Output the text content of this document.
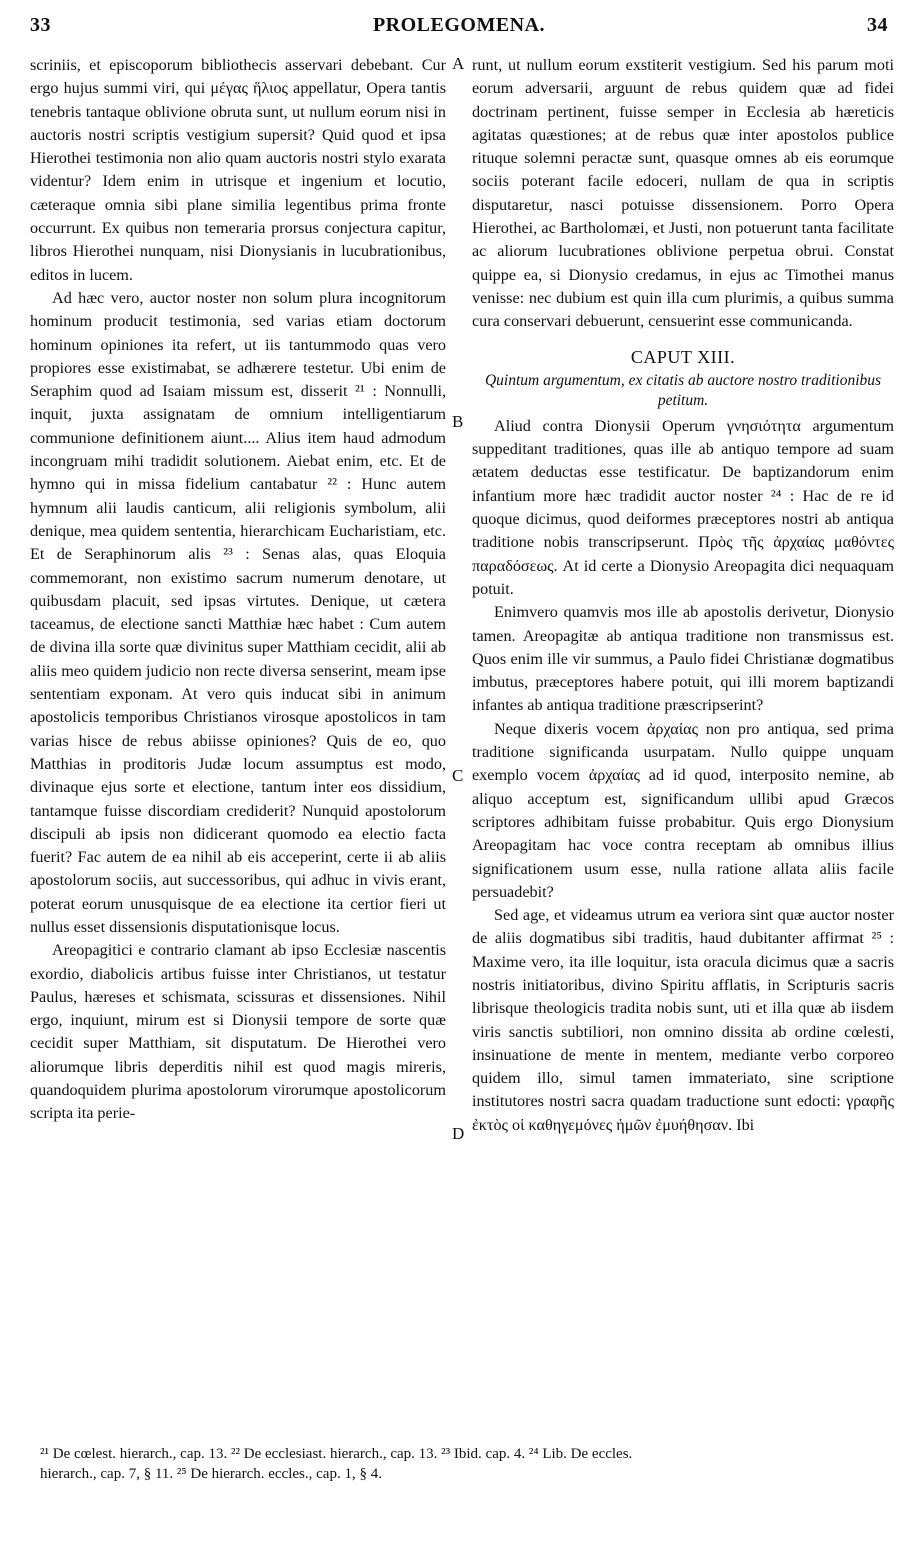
33	PROLEGOMENA.	34
A
B
C
D

scriniis, et episcoporum bibliothecis asservari debebant. Cur ergo hujus summi viri, qui μέγας ἥλιος appellatur, Opera tantis tenebris tantaque oblivione obruta sunt, ut nullum eorum nisi in auctoris nostri scriptis vestigium supersit? Quid quod et ipsa Hierothei testimonia non alio quam auctoris nostri stylo exarata videntur? Idem enim in utrisque et ingenium et locutio, cæteraque omnia sibi plane similia legentibus prima fronte occurrunt. Ex quibus non temeraria prorsus conjectura capitur, libros Hierothei nunquam, nisi Dionysianis in lucubrationibus, editos in lucem.

Ad hæc vero, auctor noster non solum plura incognitorum hominum producit testimonia, sed varias etiam doctorum hominum opiniones ita refert, ut iis tantummodo quas vero propiores esse existimabat, se adhærere testetur. Ubi enim de Seraphim quod ad Isaiam missum est, disserit ²¹ : Nonnulli, inquit, juxta assignatam de omnium intelligentiarum communione definitionem aiunt.... Alius item haud admodum incongruam mihi tradidit solutionem. Aiebat enim, etc. Et de hymno qui in missa fidelium cantabatur ²² : Hunc autem hymnum alii laudis canticum, alii religionis symbolum, alii denique, mea quidem sententia, hierarchicam Eucharistiam, etc. Et de Seraphinorum alis ²³ : Senas alas, quas Eloquia commemorant, non existimo sacrum numerum denotare, ut quibusdam placuit, sed ipsas virtutes. Denique, ut cætera taceamus, de electione sancti Matthiæ hæc habet : Cum autem de divina illa sorte quæ divinitus super Matthiam cecidit, alii ab aliis meo quidem judicio non recte diversa senserint, meam ipse sententiam exponam. At vero quis inducat sibi in animum apostolicis temporibus Christianos virosque apostolicos in tam varias hisce de rebus abiisse opiniones? Quis de eo, quo Matthias in proditoris Judæ locum assumptus est modo, divinaque ejus sorte et electione, tantum inter eos dissidium, tantamque fuisse discordiam crediderit? Nunquid apostolorum discipuli ab ipsis non didicerant quomodo ea electio facta fuerit? Fac autem de ea nihil ab eis acceperint, certe ii ab aliis apostolorum sociis, aut successoribus, qui adhuc in vivis erant, poterat eorum unusquisque de ea electione ita certior fieri ut nullus esset dissensionis disputationisque locus.

Areopagitici e contrario clamant ab ipso Ecclesiæ nascentis exordio, diabolicis artibus fuisse inter Christianos, ut testatur Paulus, hæreses et schismata, scissuras et dissensiones. Nihil ergo, inquiunt, mirum est si Dionysii tempore de sorte quæ cecidit super Matthiam, sit disputatum. De Hierothei vero aliorumque libris deperditis nihil est quod magis mireris, quandoquidem plurima apostolorum virorumque apostolicorum scripta ita perie-

runt, ut nullum eorum exstiterit vestigium. Sed his parum moti eorum adversarii, arguunt de rebus quidem quæ ad fidei doctrinam pertinent, fuisse semper in Ecclesia ab hæreticis agitatas quæstiones; at de rebus quæ inter apostolos publice rituque solemni peractæ sunt, quasque omnes ab eis eorumque sociis poterant facile edoceri, nullam de qua in scriptis disputaretur, nasci potuisse dissensionem. Porro Opera Hierothei, ac Bartholomæi, et Justi, non potuerunt tanta facilitate ac aliorum lucubrationes oblivione perpetua obrui. Constat quippe ea, si Dionysio credamus, in ejus ac Timothei manus venisse: nec dubium est quin illa cum plurimis, a quibus summa cura conservari debuerunt, censuerint esse communicanda.

CAPUT XIII.
Quintum argumentum, ex citatis ab auctore nostro traditionibus petitum.

Aliud contra Dionysii Operum γνησιότητα argumentum suppeditant traditiones, quas ille ab antiquo tempore ad suam ætatem deductas esse testificatur. De baptizandorum enim infantium more hæc tradidit auctor noster ²⁴ : Hac de re id quoque dicimus, quod deiformes præceptores nostri ab antiqua traditione nobis transcripserunt. Πρὸς τῆς ἀρχαίας μαθόντες παραδόσεως. At id certe a Dionysio Areopagita dici nequaquam potuit.

Enimvero quamvis mos ille ab apostolis derivetur, Dionysio tamen. Areopagitæ ab antiqua traditione non transmissus est. Quos enim ille vir summus, a Paulo fidei Christianæ dogmatibus imbutus, præceptores habere potuit, qui illi morem baptizandi infantes ab antiqua traditione præscripserint?

Neque dixeris vocem ἀρχαίας non pro antiqua, sed prima traditione significanda usurpatam. Nullo quippe unquam exemplo vocem ἀρχαίας ad id quod, interposito nemine, ab aliquo acceptum est, significandum ullibi apud Græcos scriptores adhibitam fuisse probabitur. Quis ergo Dionysium Areopagitam hac voce contra receptam ab omnibus illius significationem usum esse, nulla ratione allata aliis facile persuadebit?

Sed age, et videamus utrum ea veriora sint quæ auctor noster de aliis dogmatibus sibi traditis, haud dubitanter affirmat ²⁵ : Maxime vero, ita ille loquitur, ista oracula dicimus quæ a sacris nostris initiatoribus, divino Spiritu afflatis, in Scripturis sacris librisque theologicis tradita nobis sunt, uti et illa quæ ab iisdem viris sanctis subtiliori, non omnino dissita ab ordine cœlesti, insinuatione de mente in mentem, mediante verbo corporeo quidem illo, simul tamen immateriato, sine scriptione institutores nostri sacra quadam traductione sunt edocti: γραφῆς ἐκτὸς οἱ καθηγεμόνες ἡμῶν ἐμυήθησαν. Ibi

²¹ De cœlest. hierarch., cap. 13. ²² De ecclesiast. hierarch., cap. 13. ²³ Ibid. cap. 4. ²⁴ Lib. De eccles.
hierarch., cap. 7, § 11. ²⁵ De hierarch. eccles., cap. 1, § 4.
